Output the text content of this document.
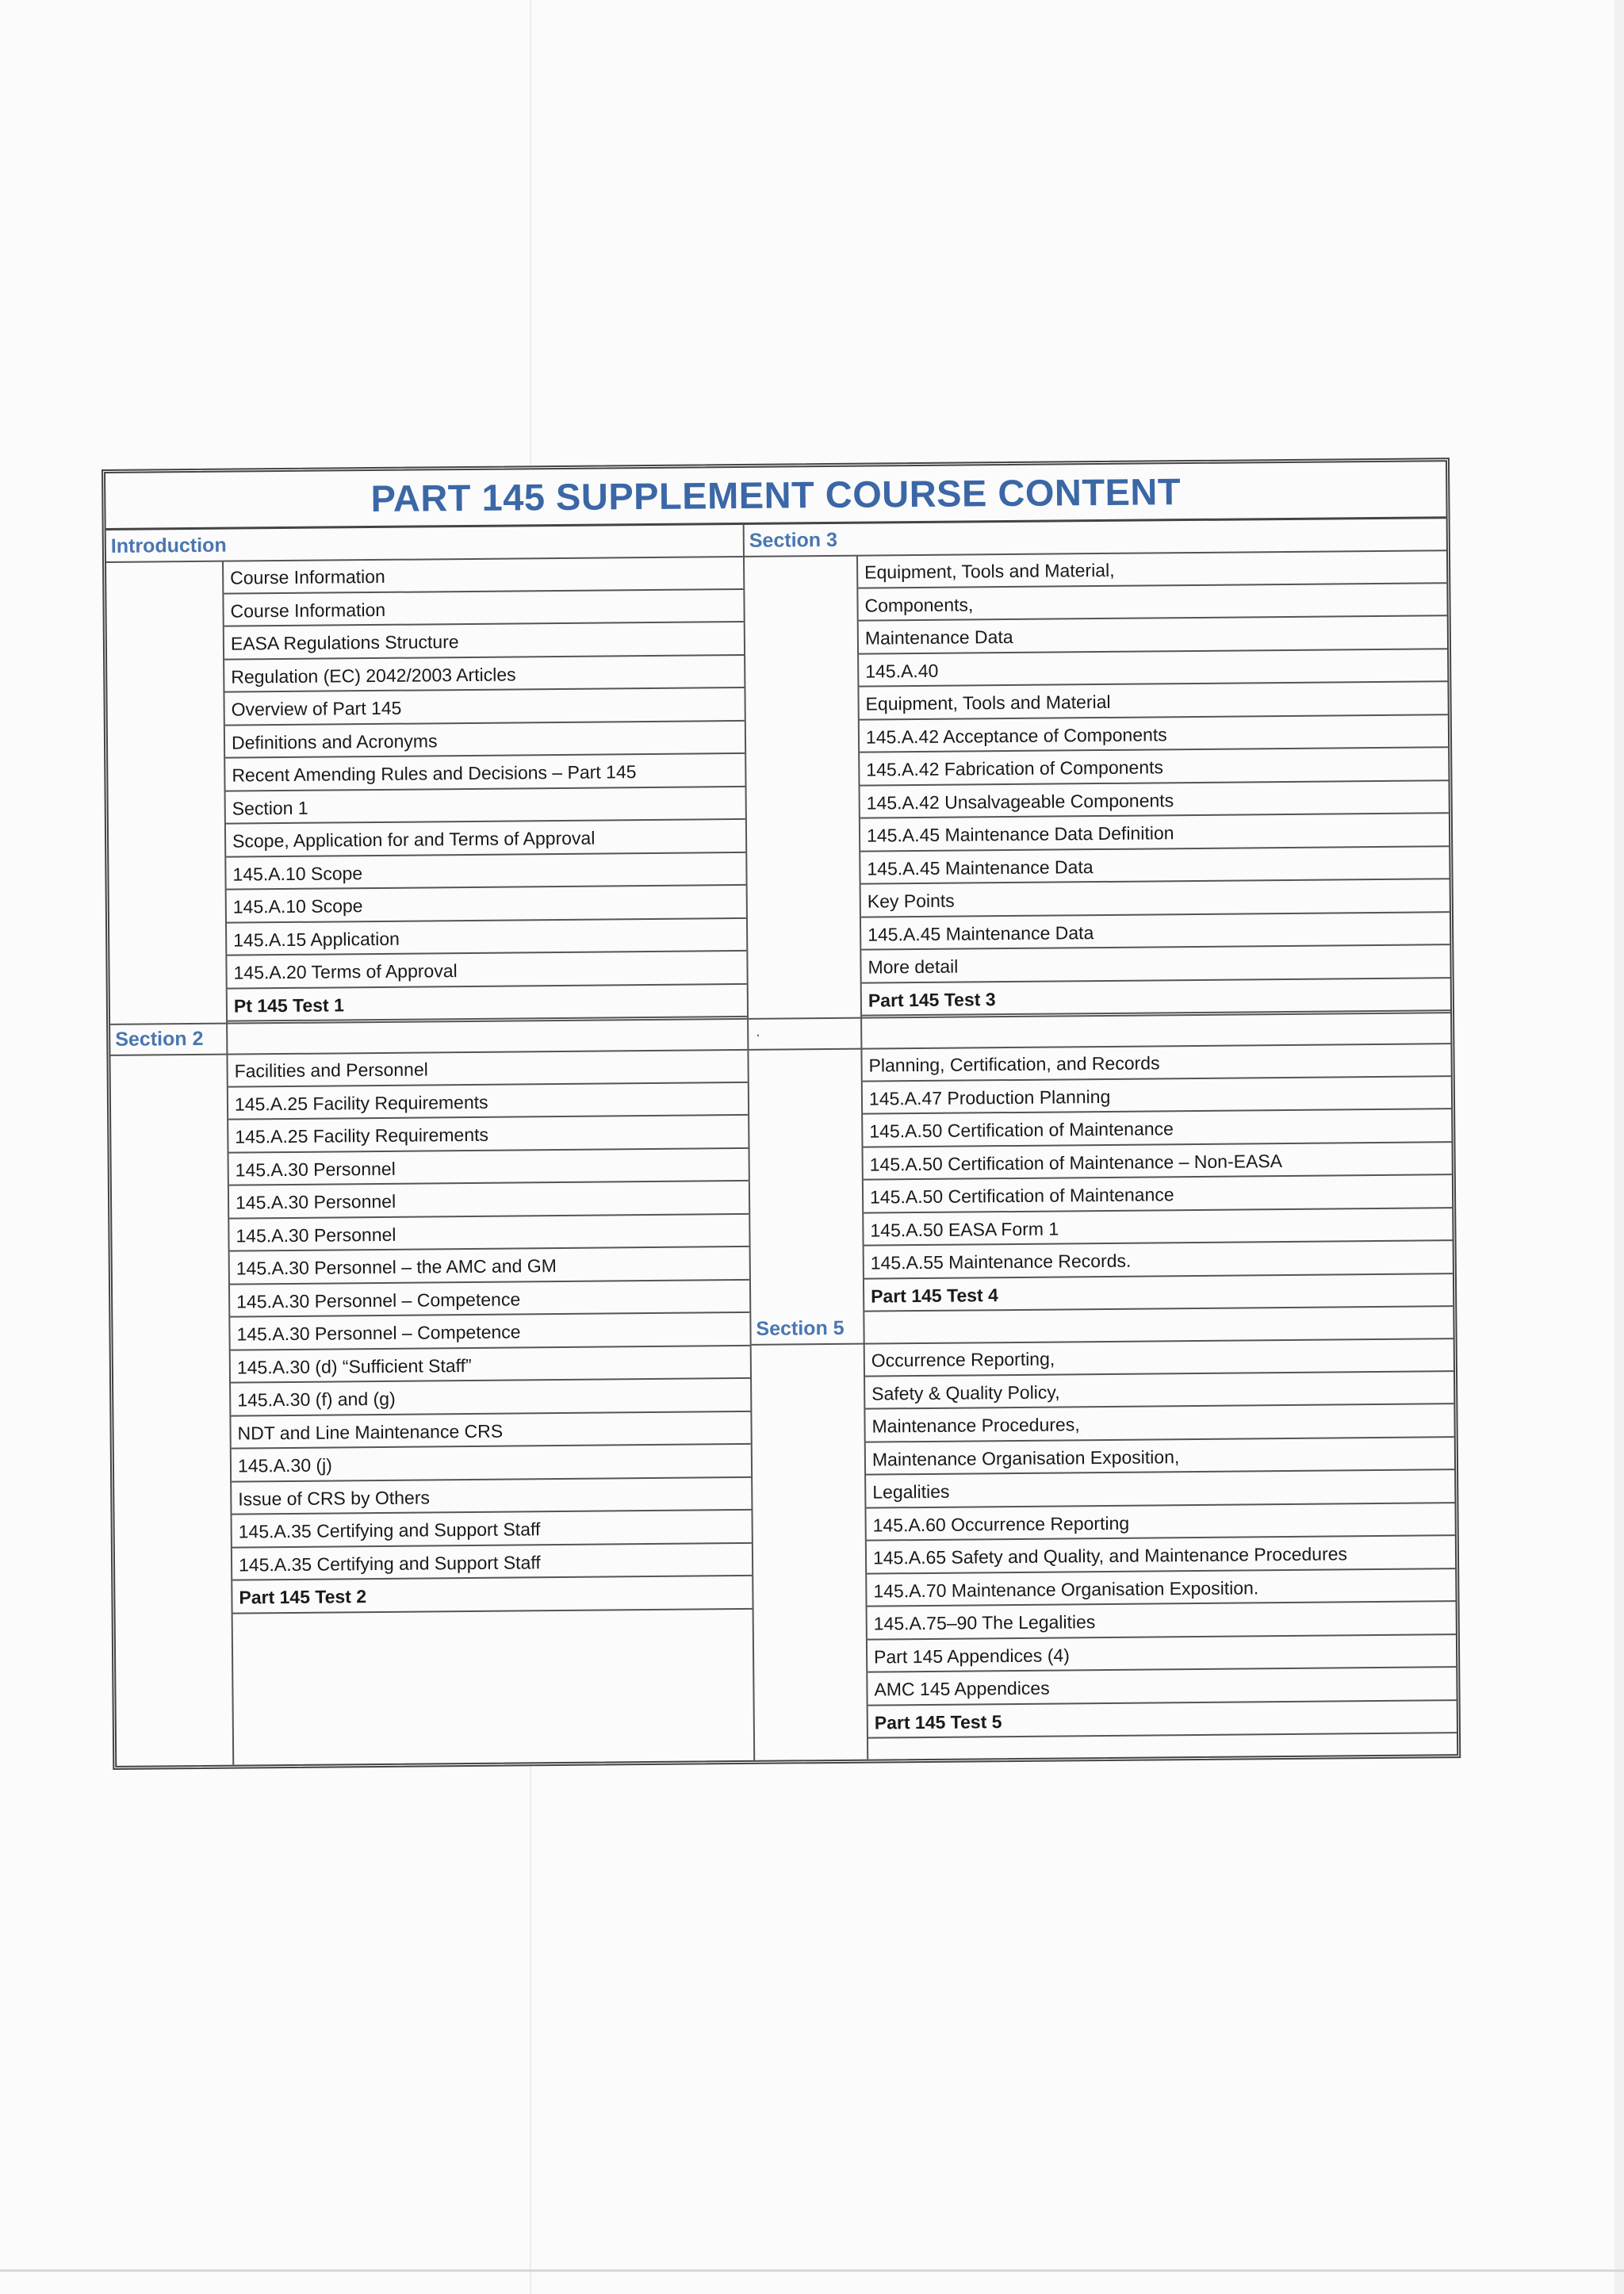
PART 145 SUPPLEMENT COURSE CONTENT
Introduction
Course Information
Course Information
EASA Regulations Structure
Regulation (EC) 2042/2003 Articles
Overview of Part 145
Definitions and Acronyms
Recent Amending Rules and Decisions – Part 145
Section 1
Scope, Application for and Terms of Approval
145.A.10 Scope
145.A.10 Scope
145.A.15 Application
145.A.20 Terms of Approval
Pt 145 Test 1
Section 2
Facilities and Personnel
145.A.25 Facility Requirements
145.A.25 Facility Requirements
145.A.30 Personnel
145.A.30 Personnel
145.A.30 Personnel
145.A.30 Personnel – the AMC and GM
145.A.30 Personnel – Competence
145.A.30 Personnel – Competence
145.A.30 (d) “Sufficient Staff”
145.A.30 (f) and (g)
NDT and Line Maintenance CRS
145.A.30 (j)
Issue of CRS by Others
145.A.35 Certifying and Support Staff
145.A.35 Certifying and Support Staff
Part 145 Test 2
Section 3
Equipment, Tools and Material,
Components,
Maintenance Data
145.A.40
Equipment, Tools and Material
145.A.42 Acceptance of Components
145.A.42 Fabrication of Components
145.A.42 Unsalvageable Components
145.A.45 Maintenance Data Definition
145.A.45 Maintenance Data
Key Points
145.A.45 Maintenance Data
More detail
Part 145 Test 3
.
Planning, Certification, and Records
145.A.47 Production Planning
145.A.50 Certification of Maintenance
145.A.50 Certification of Maintenance – Non-EASA
145.A.50 Certification of Maintenance
145.A.50 EASA Form 1
145.A.55 Maintenance Records.
Part 145 Test 4
Section 5
Occurrence Reporting,
Safety & Quality Policy,
Maintenance Procedures,
Maintenance Organisation Exposition,
Legalities
145.A.60 Occurrence Reporting
145.A.65 Safety and Quality, and Maintenance Procedures
145.A.70 Maintenance Organisation Exposition.
145.A.75–90 The Legalities
Part 145 Appendices (4)
AMC 145 Appendices
Part 145 Test 5
